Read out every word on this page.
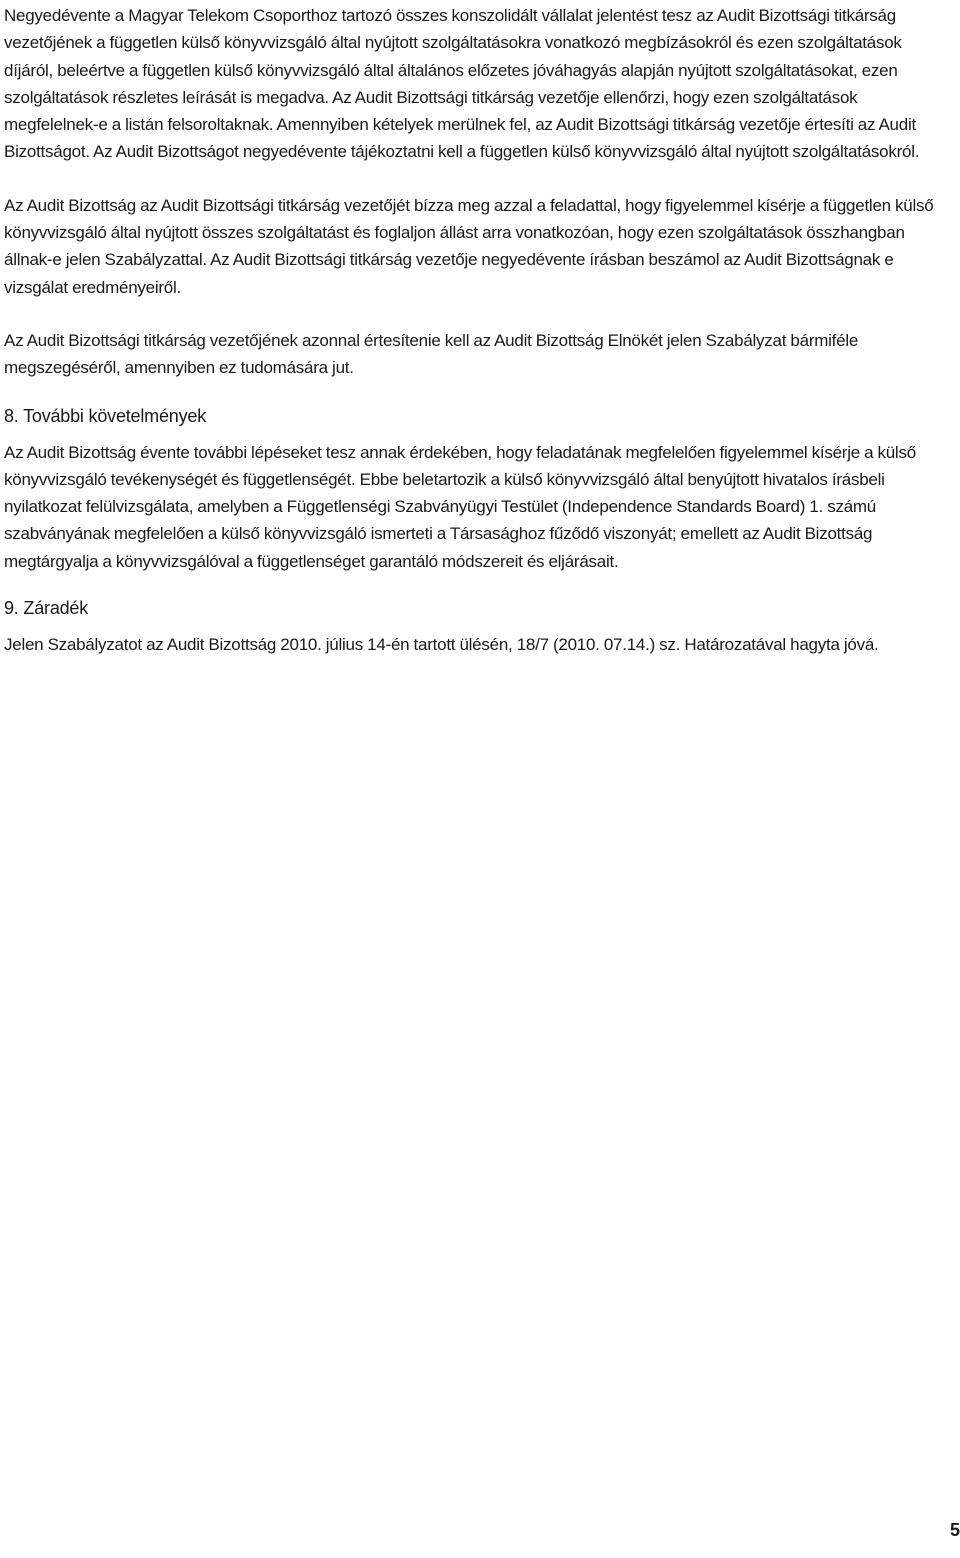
Negyedévente a Magyar Telekom Csoporthoz tartozó összes konszolidált vállalat jelentést tesz az Audit Bizottsági titkárság vezetőjének a független külső könyvvizsgáló által nyújtott szolgáltatásokra vonatkozó megbízásokról és ezen szolgáltatások díjáról, beleértve a független külső könyvvizsgáló által általános előzetes jóváhagyás alapján nyújtott szolgáltatásokat, ezen szolgáltatások részletes leírását is megadva. Az Audit Bizottsági titkárság vezetője ellenőrzi, hogy ezen szolgáltatások megfelelnek-e a listán felsoroltaknak. Amennyiben kételyek merülnek fel, az Audit Bizottsági titkárság vezetője értesíti az Audit Bizottságot. Az Audit Bizottságot negyedévente tájékoztatni kell a független külső könyvvizsgáló által nyújtott szolgáltatásokról.

Az Audit Bizottság az Audit Bizottsági titkárság vezetőjét bízza meg azzal a feladattal, hogy figyelemmel kísérje a független külső könyvvizsgáló által nyújtott összes szolgáltatást és foglaljon állást arra vonatkozóan, hogy ezen szolgáltatások összhangban állnak-e jelen Szabályzattal. Az Audit Bizottsági titkárság vezetője negyedévente írásban beszámol az Audit Bizottságnak e vizsgálat eredményeiről.

Az Audit Bizottsági titkárság vezetőjének azonnal értesítenie kell az Audit Bizottság Elnökét jelen Szabályzat bármiféle megszegéséről, amennyiben ez tudomására jut.

8. További követelmények

Az Audit Bizottság évente további lépéseket tesz annak érdekében, hogy feladatának megfelelően figyelemmel kísérje a külső könyvvizsgáló tevékenységét és függetlenségét. Ebbe beletartozik a külső könyvvizsgáló által benyújtott hivatalos írásbeli nyilatkozat felülvizsgálata, amelyben a Függetlenségi Szabványügyi Testület (Independence Standards Board) 1. számú szabványának megfelelően a külső könyvvizsgáló ismerteti a Társasághoz fűződő viszonyát; emellett az Audit Bizottság megtárgyalja a könyvvizsgálóval a függetlenséget garantáló módszereit és eljárásait.

9. Záradék

Jelen Szabályzatot az Audit Bizottság 2010. július 14-én tartott ülésén, 18/7 (2010. 07.14.) sz. Határozatával hagyta jóvá.

5
